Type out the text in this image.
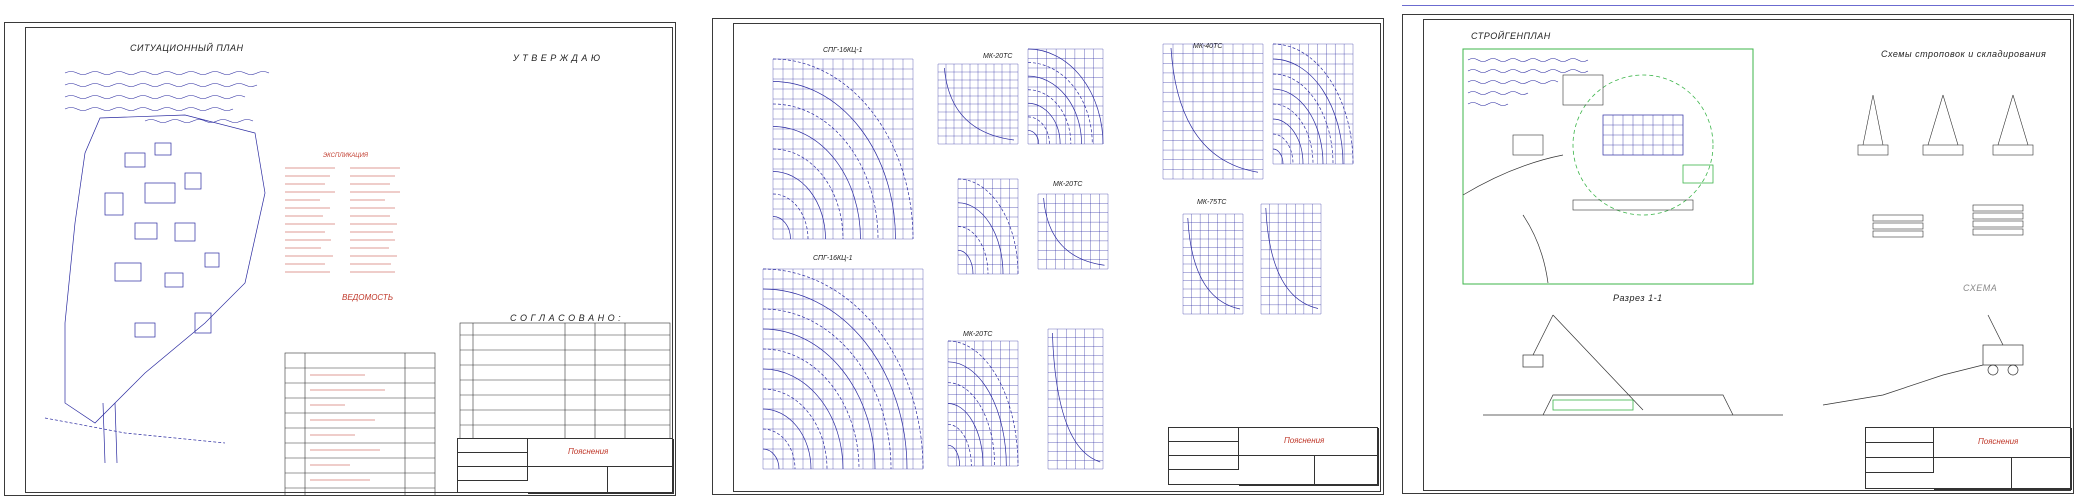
СИТУАЦИОННЫЙ ПЛАН
У Т В Е Р Ж Д А Ю
ЭКСПЛИКАЦИЯ
ВЕДОМОСТЬ
С О Г Л А С О В А Н О :
Пояснения
СПГ-16КЦ-1
МК-20ТС
МК-40ТС
СПГ-16КЦ-1
МК-20ТС
МК-20ТС
МК-75ТС
Пояснения
СТРОЙГЕНПЛАН
Схемы строповок и складирования
Разрез 1-1
СХЕМА
Пояснения
